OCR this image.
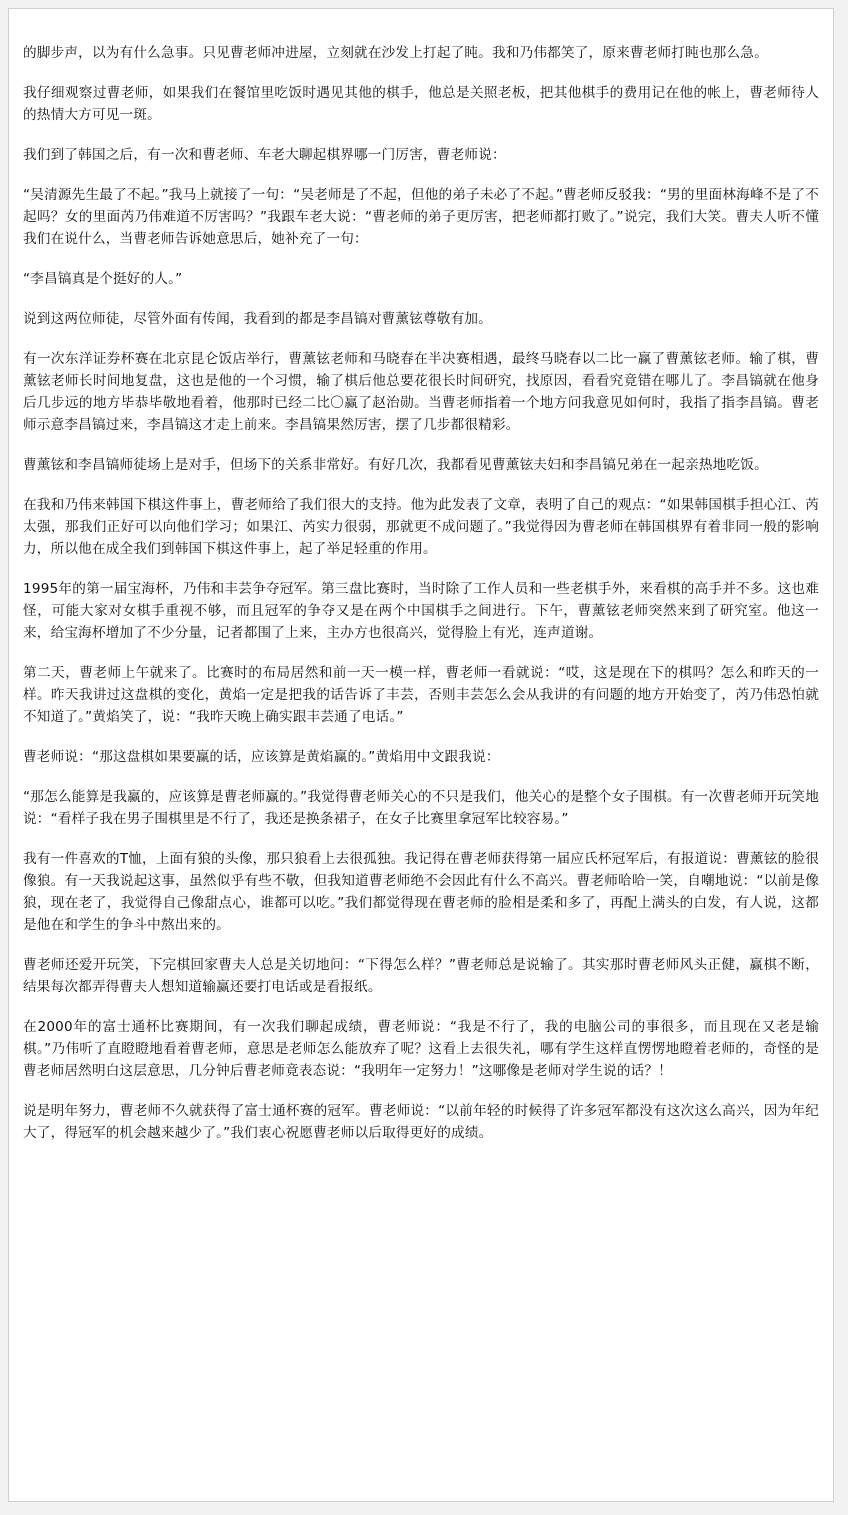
的脚步声，以为有什么急事。只见曹老师冲进屋，立刻就在沙发上打起了盹。我和乃伟都笑了，原来曹老师打盹也那么急。

我仔细观察过曹老师，如果我们在餐馆里吃饭时遇见其他的棋手，他总是关照老板，把其他棋手的费用记在他的帐上，曹老师待人的热情大方可见一斑。

我们到了韩国之后，有一次和曹老师、车老大聊起棋界哪一门厉害，曹老师说：

“吴清源先生最了不起。”我马上就接了一句：“吴老师是了不起，但他的弟子未必了不起。”曹老师反驳我：“男的里面林海峰不是了不起吗？女的里面芮乃伟难道不厉害吗？”我跟车老大说：“曹老师的弟子更厉害，把老师都打败了。”说完，我们大笑。曹夫人听不懂我们在说什么，当曹老师告诉她意思后，她补充了一句：

“李昌镐真是个挺好的人。”

说到这两位师徒，尽管外面有传闻，我看到的都是李昌镐对曹薰铉尊敬有加。

有一次东洋证券杯赛在北京昆仑饭店举行，曹薰铉老师和马晓春在半决赛相遇，最终马晓春以二比一赢了曹薰铉老师。输了棋，曹薰铉老师长时间地复盘，这也是他的一个习惯，输了棋后他总要花很长时间研究，找原因，看看究竟错在哪儿了。李昌镐就在他身后几步远的地方毕恭毕敬地看着，他那时已经二比〇赢了赵治勋。当曹老师指着一个地方问我意见如何时，我指了指李昌镐。曹老师示意李昌镐过来，李昌镐这才走上前来。李昌镐果然厉害，摆了几步都很精彩。

曹薰铉和李昌镐师徒场上是对手，但场下的关系非常好。有好几次，我都看见曹薰铉夫妇和李昌镐兄弟在一起亲热地吃饭。

在我和乃伟来韩国下棋这件事上，曹老师给了我们很大的支持。他为此发表了文章，表明了自己的观点：“如果韩国棋手担心江、芮太强，那我们正好可以向他们学习；如果江、芮实力很弱，那就更不成问题了。”我觉得因为曹老师在韩国棋界有着非同一般的影响力，所以他在成全我们到韩国下棋这件事上，起了举足轻重的作用。

1995年的第一届宝海杯，乃伟和丰芸争夺冠军。第三盘比赛时，当时除了工作人员和一些老棋手外，来看棋的高手并不多。这也难怪，可能大家对女棋手重视不够，而且冠军的争夺又是在两个中国棋手之间进行。下午，曹薰铉老师突然来到了研究室。他这一来，给宝海杯增加了不少分量，记者都围了上来，主办方也很高兴，觉得脸上有光，连声道谢。

第二天，曹老师上午就来了。比赛时的布局居然和前一天一模一样，曹老师一看就说：“哎，这是现在下的棋吗？怎么和昨天的一样。昨天我讲过这盘棋的变化，黄焰一定是把我的话告诉了丰芸，否则丰芸怎么会从我讲的有问题的地方开始变了，芮乃伟恐怕就不知道了。”黄焰笑了，说：“我昨天晚上确实跟丰芸通了电话。”

曹老师说：“那这盘棋如果要赢的话，应该算是黄焰赢的。”黄焰用中文跟我说：

“那怎么能算是我赢的，应该算是曹老师赢的。”我觉得曹老师关心的不只是我们，他关心的是整个女子围棋。有一次曹老师开玩笑地说：“看样子我在男子围棋里是不行了，我还是换条裙子，在女子比赛里拿冠军比较容易。”

我有一件喜欢的T恤，上面有狼的头像，那只狼看上去很孤独。我记得在曹老师获得第一届应氏杯冠军后，有报道说：曹薰铉的脸很像狼。有一天我说起这事，虽然似乎有些不敬，但我知道曹老师绝不会因此有什么不高兴。曹老师哈哈一笑，自嘲地说：“以前是像狼，现在老了，我觉得自己像甜点心，谁都可以吃。”我们都觉得现在曹老师的脸相是柔和多了，再配上满头的白发，有人说，这都是他在和学生的争斗中熬出来的。

曹老师还爱开玩笑，下完棋回家曹夫人总是关切地问：“下得怎么样？”曹老师总是说输了。其实那时曹老师风头正健，赢棋不断，结果每次都弄得曹夫人想知道输赢还要打电话或是看报纸。

在2000年的富士通杯比赛期间，有一次我们聊起成绩，曹老师说：“我是不行了，我的电脑公司的事很多，而且现在又老是输棋。”乃伟听了直瞪瞪地看着曹老师，意思是老师怎么能放弃了呢？这看上去很失礼，哪有学生这样直愣愣地瞪着老师的，奇怪的是曹老师居然明白这层意思，几分钟后曹老师竟表态说：“我明年一定努力！”这哪像是老师对学生说的话？！

说是明年努力，曹老师不久就获得了富士通杯赛的冠军。曹老师说：“以前年轻的时候得了许多冠军都没有这次这么高兴，因为年纪大了，得冠军的机会越来越少了。”我们衷心祝愿曹老师以后取得更好的成绩。
